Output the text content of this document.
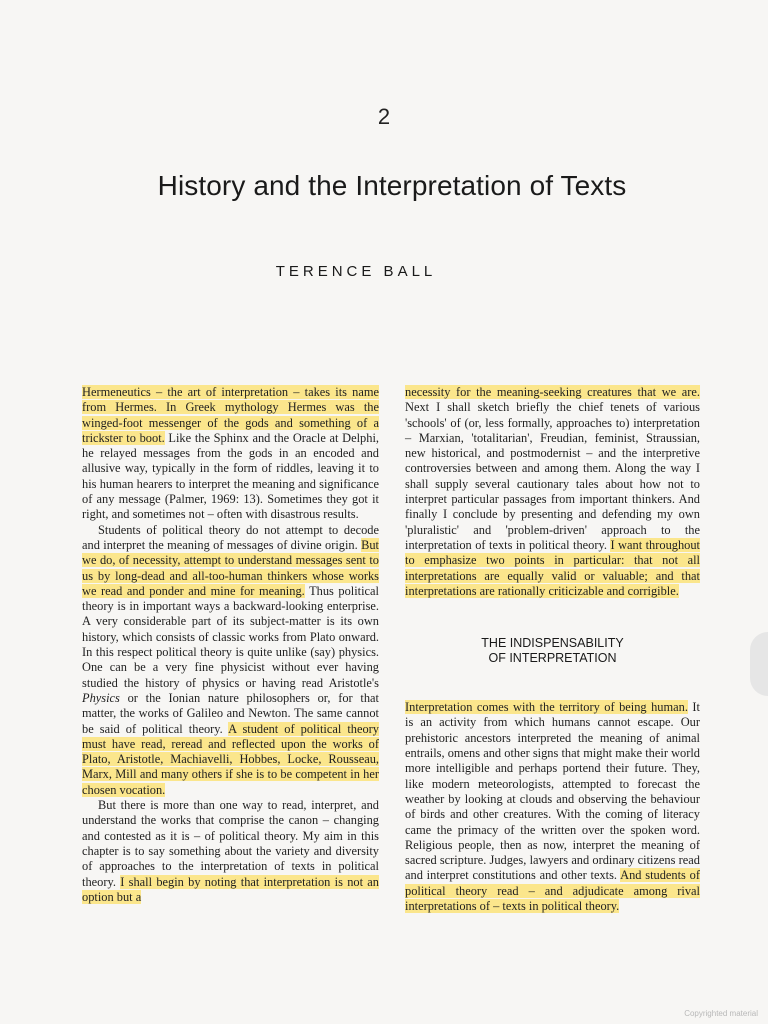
2
History and the Interpretation of Texts
TERENCE BALL

Hermeneutics – the art of interpretation – takes its name from Hermes. In Greek mythology Hermes was the winged-foot messenger of the gods and something of a trickster to boot. Like the Sphinx and the Oracle at Delphi, he relayed messages from the gods in an encoded and allusive way, typically in the form of riddles, leaving it to his human hearers to interpret the meaning and significance of any message (Palmer, 1969: 13). Sometimes they got it right, and sometimes not – often with disastrous results.

Students of political theory do not attempt to decode and interpret the meaning of messages of divine origin. But we do, of necessity, attempt to understand messages sent to us by long-dead and all-too-human thinkers whose works we read and ponder and mine for meaning. Thus political theory is in important ways a backward-looking enterprise. A very considerable part of its subject-matter is its own history, which consists of classic works from Plato onward. In this respect political theory is quite unlike (say) physics. One can be a very fine physicist without ever having studied the history of physics or having read Aristotle's Physics or the Ionian nature philosophers or, for that matter, the works of Galileo and Newton. The same cannot be said of political theory. A student of political theory must have read, reread and reflected upon the works of Plato, Aristotle, Machiavelli, Hobbes, Locke, Rousseau, Marx, Mill and many others if she is to be competent in her chosen vocation.

But there is more than one way to read, interpret, and understand the works that comprise the canon – changing and contested as it is – of political theory. My aim in this chapter is to say something about the variety and diversity of approaches to the interpretation of texts in political theory. I shall begin by noting that interpretation is not an option but a

necessity for the meaning-seeking creatures that we are. Next I shall sketch briefly the chief tenets of various 'schools' of (or, less formally, approaches to) interpretation – Marxian, 'totalitarian', Freudian, feminist, Straussian, new historical, and postmodernist – and the interpretive controversies between and among them. Along the way I shall supply several cautionary tales about how not to interpret particular passages from important thinkers. And finally I conclude by presenting and defending my own 'pluralistic' and 'problem-driven' approach to the interpretation of texts in political theory. I want throughout to emphasize two points in particular: that not all interpretations are equally valid or valuable; and that interpretations are rationally criticizable and corrigible.

THE INDISPENSABILITY
OF INTERPRETATION

Interpretation comes with the territory of being human. It is an activity from which humans cannot escape. Our prehistoric ancestors interpreted the meaning of animal entrails, omens and other signs that might make their world more intelligible and perhaps portend their future. They, like modern meteorologists, attempted to forecast the weather by looking at clouds and observing the behaviour of birds and other creatures. With the coming of literacy came the primacy of the written over the spoken word. Religious people, then as now, interpret the meaning of sacred scripture. Judges, lawyers and ordinary citizens read and interpret constitutions and other texts. And students of political theory read – and adjudicate among rival interpretations of – texts in political theory.

Copyrighted material
